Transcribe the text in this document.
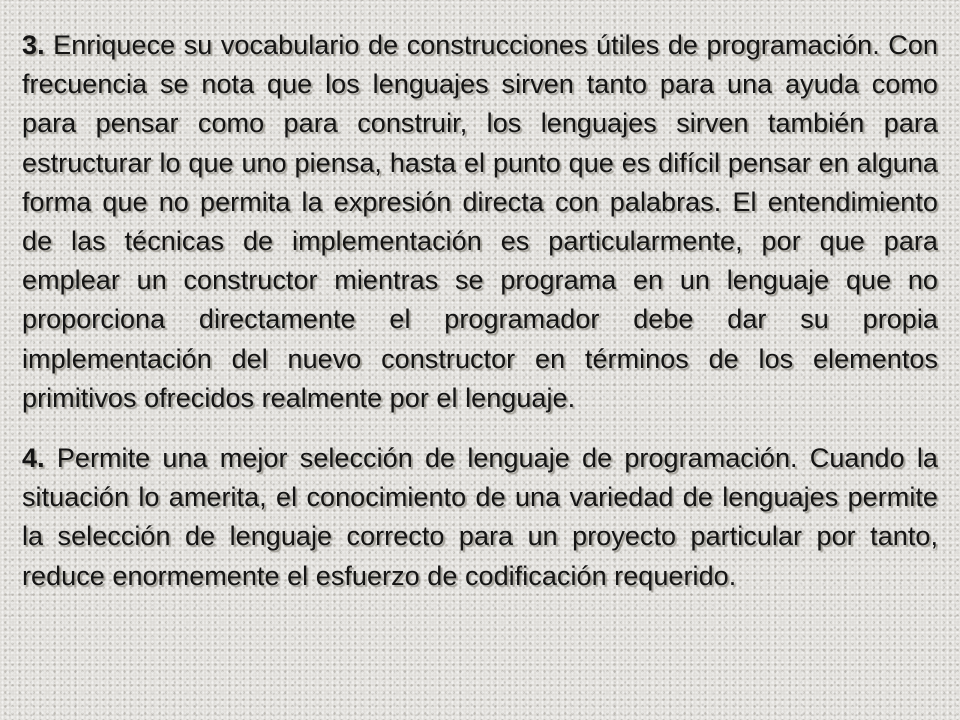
3. Enriquece su vocabulario de construcciones útiles de programación. Con frecuencia se nota que los lenguajes sirven tanto para una ayuda como para pensar como para construir, los lenguajes sirven también para estructurar lo que uno piensa, hasta el punto que es difícil pensar en alguna forma que no permita la expresión directa con palabras. El entendimiento de las técnicas de implementación es particularmente, por que para emplear un constructor mientras se programa en un lenguaje que no proporciona directamente el programador debe dar su propia implementación del nuevo constructor en términos de los elementos primitivos ofrecidos realmente por el lenguaje.

4. Permite una mejor selección de lenguaje de programación. Cuando la situación lo amerita, el conocimiento de una variedad de lenguajes permite la selección de lenguaje correcto para un proyecto particular por tanto, reduce enormemente el esfuerzo de codificación requerido.
